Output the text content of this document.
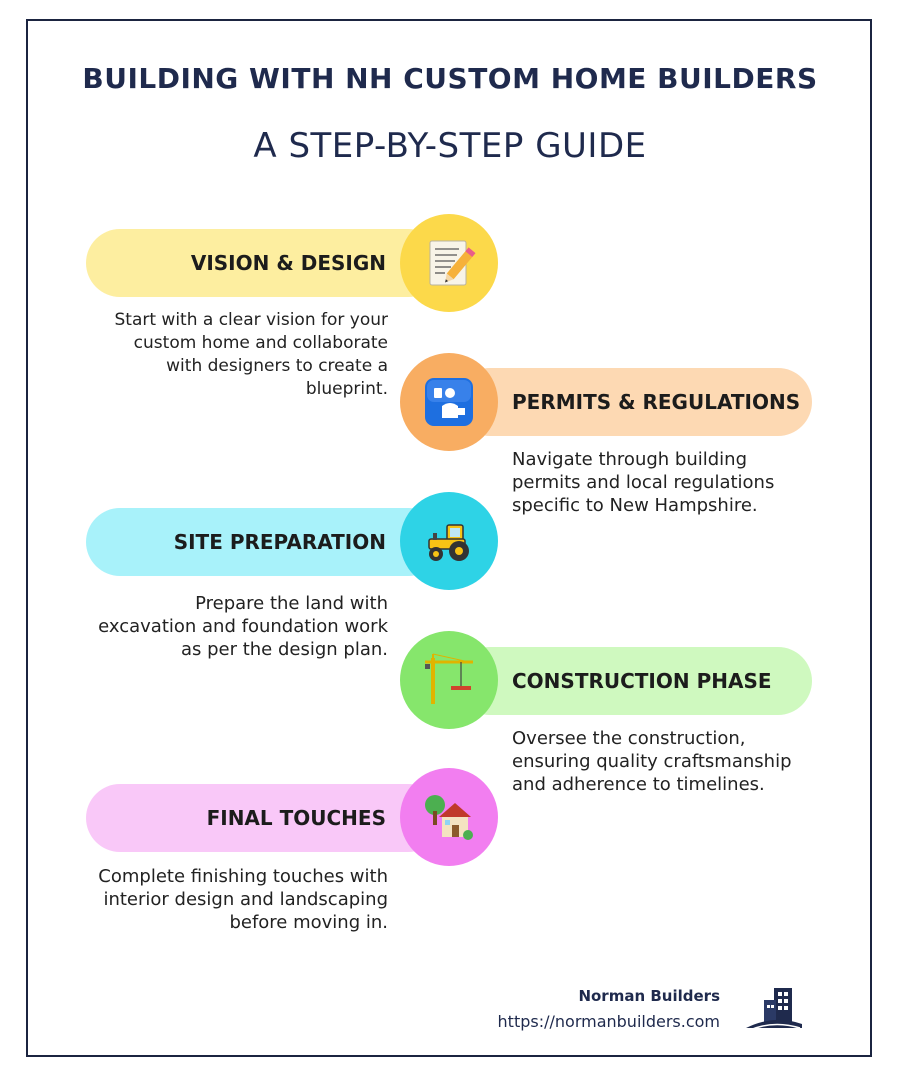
BUILDING WITH NH CUSTOM HOME BUILDERS
A STEP-BY-STEP GUIDE
VISION & DESIGN
Start with a clear vision for your custom home and collaborate with designers to create a blueprint.
PERMITS & REGULATIONS
Navigate through building permits and local regulations specific to New Hampshire.
SITE PREPARATION
Prepare the land with excavation and foundation work as per the design plan.
CONSTRUCTION PHASE
Oversee the construction, ensuring quality craftsmanship and adherence to timelines.
FINAL TOUCHES
Complete finishing touches with interior design and landscaping before moving in.
Norman Builders
https://normanbuilders.com
